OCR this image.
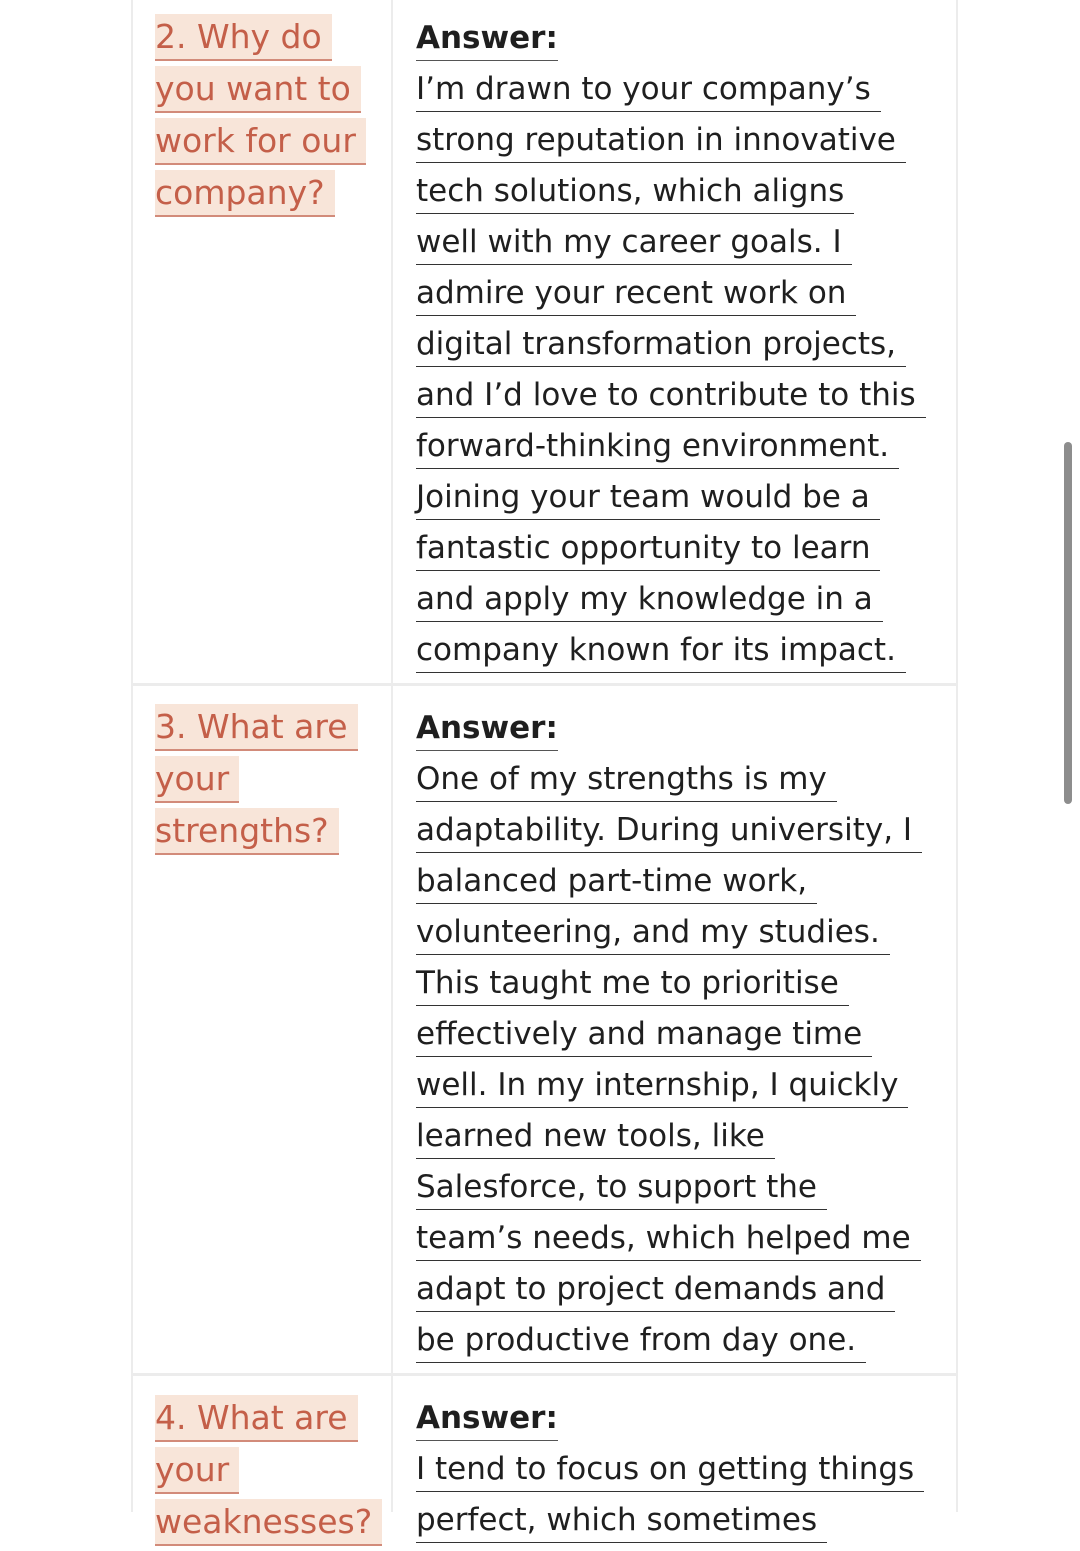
2. Why do
you want to
work for our
company?
Answer:
I’m drawn to your company’s
strong reputation in innovative
tech solutions, which aligns
well with my career goals. I
admire your recent work on
digital transformation projects,
and I’d love to contribute to this
forward-thinking environment.
Joining your team would be a
fantastic opportunity to learn
and apply my knowledge in a
company known for its impact.
3. What are
your
strengths?
Answer:
One of my strengths is my
adaptability. During university, I
balanced part-time work,
volunteering, and my studies.
This taught me to prioritise
effectively and manage time
well. In my internship, I quickly
learned new tools, like
Salesforce, to support the
team’s needs, which helped me
adapt to project demands and
be productive from day one.
4. What are
your
weaknesses?
Answer:
I tend to focus on getting things
perfect, which sometimes
